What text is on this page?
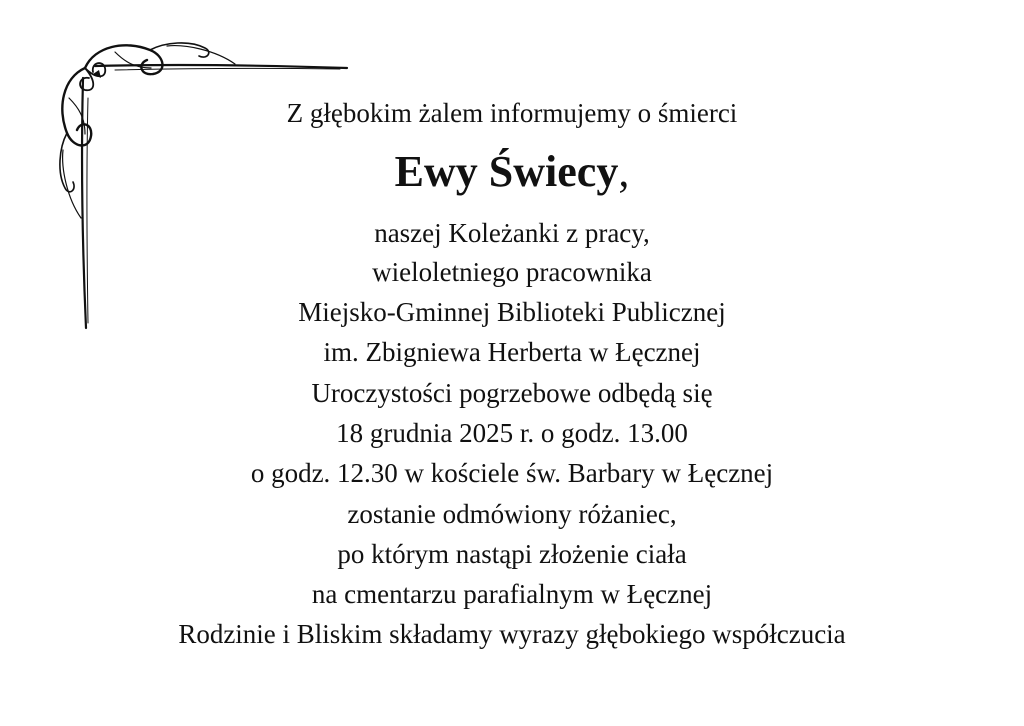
Z głębokim żalem informujemy o śmierci
Ewy Świecy,
naszej Koleżanki z pracy,
wieloletniego pracownika
Miejsko-Gminnej Biblioteki Publicznej
im. Zbigniewa Herberta w Łęcznej
Uroczystości pogrzebowe odbędą się
18 grudnia 2025 r. o godz. 13.00
o godz. 12.30 w kościele św. Barbary w Łęcznej
zostanie odmówiony różaniec,
po którym nastąpi złożenie ciała
na cmentarzu parafialnym w Łęcznej
Rodzinie i Bliskim składamy wyrazy głębokiego współczucia
